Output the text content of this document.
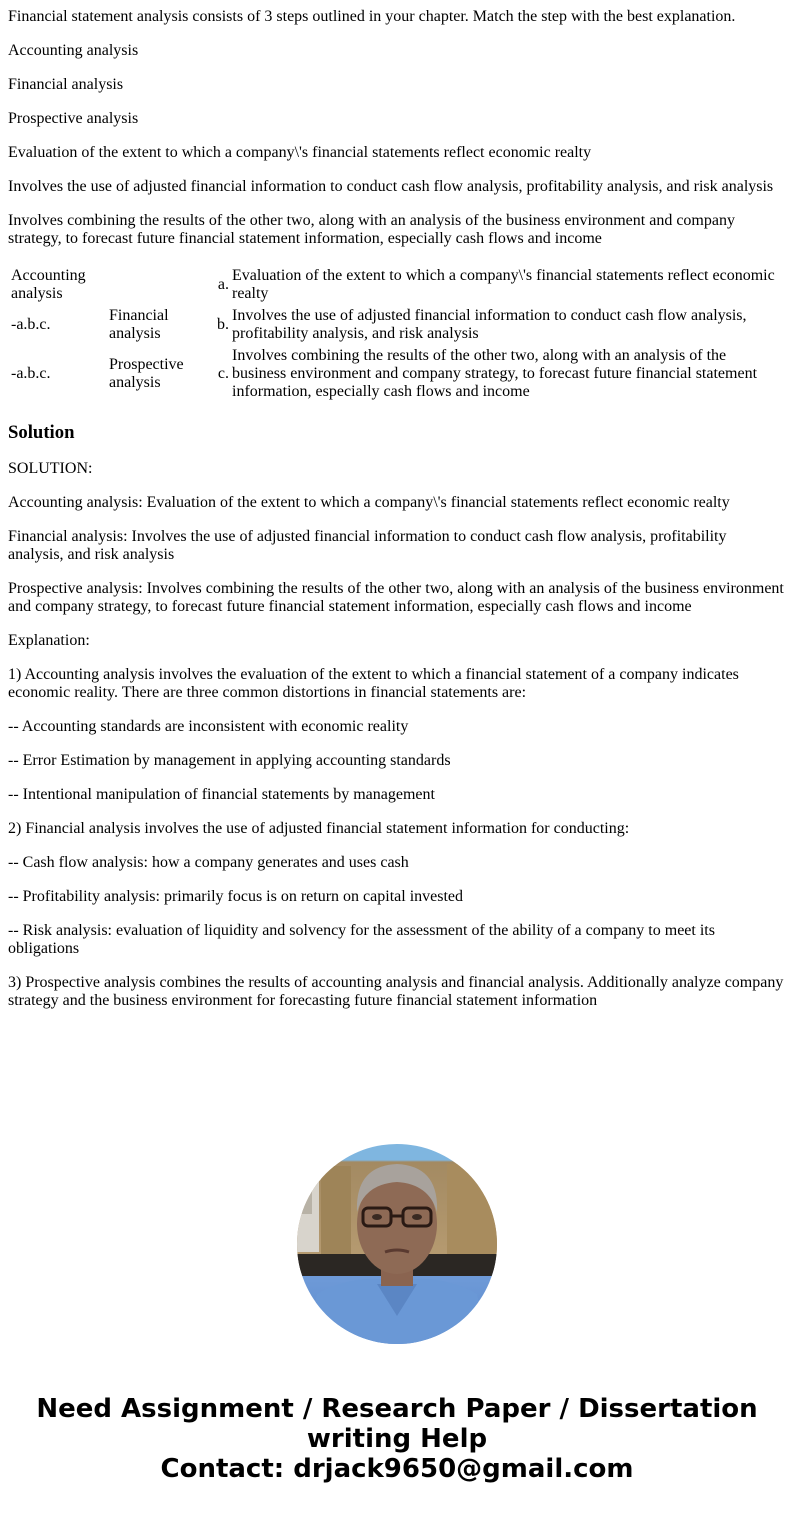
Financial statement analysis consists of 3 steps outlined in your chapter. Match the step with the best explanation.

Accounting analysis

Financial analysis

Prospective analysis

Evaluation of the extent to which a company\'s financial statements reflect economic realty

Involves the use of adjusted financial information to conduct cash flow analysis, profitability analysis, and risk analysis

Involves combining the results of the other two, along with an analysis of the business environment and company strategy, to forecast future financial statement information, especially cash flows and income

Accounting analysis		a.
Evaluation of the extent to which a company\'s financial statements reflect economic realty

-a.b.c.	Financial analysis	b.
Involves the use of adjusted financial information to conduct cash flow analysis, profitability analysis, and risk analysis

-a.b.c.	Prospective analysis	c.
Involves combining the results of the other two, along with an analysis of the business environment and company strategy, to forecast future financial statement information, especially cash flows and income
Solution

SOLUTION:

Accounting analysis: Evaluation of the extent to which a company\'s financial statements reflect economic realty

Financial analysis: Involves the use of adjusted financial information to conduct cash flow analysis, profitability analysis, and risk analysis

Prospective analysis: Involves combining the results of the other two, along with an analysis of the business environment and company strategy, to forecast future financial statement information, especially cash flows and income

Explanation:

1) Accounting analysis involves the evaluation of the extent to which a financial statement of a company indicates economic reality. There are three common distortions in financial statements are:

-- Accounting standards are inconsistent with economic reality

-- Error Estimation by management in applying accounting standards

-- Intentional manipulation of financial statements by management

2) Financial analysis involves the use of adjusted financial statement information for conducting:

-- Cash flow analysis: how a company generates and uses cash

-- Profitability analysis: primarily focus is on return on capital invested

-- Risk analysis: evaluation of liquidity and solvency for the assessment of the ability of a company to meet its obligations

3) Prospective analysis combines the results of accounting analysis and financial analysis. Additionally analyze company strategy and the business environment for forecasting future financial statement information

Need Assignment / Research Paper / Dissertation writing Help
Contact: drjack9650@gmail.com
